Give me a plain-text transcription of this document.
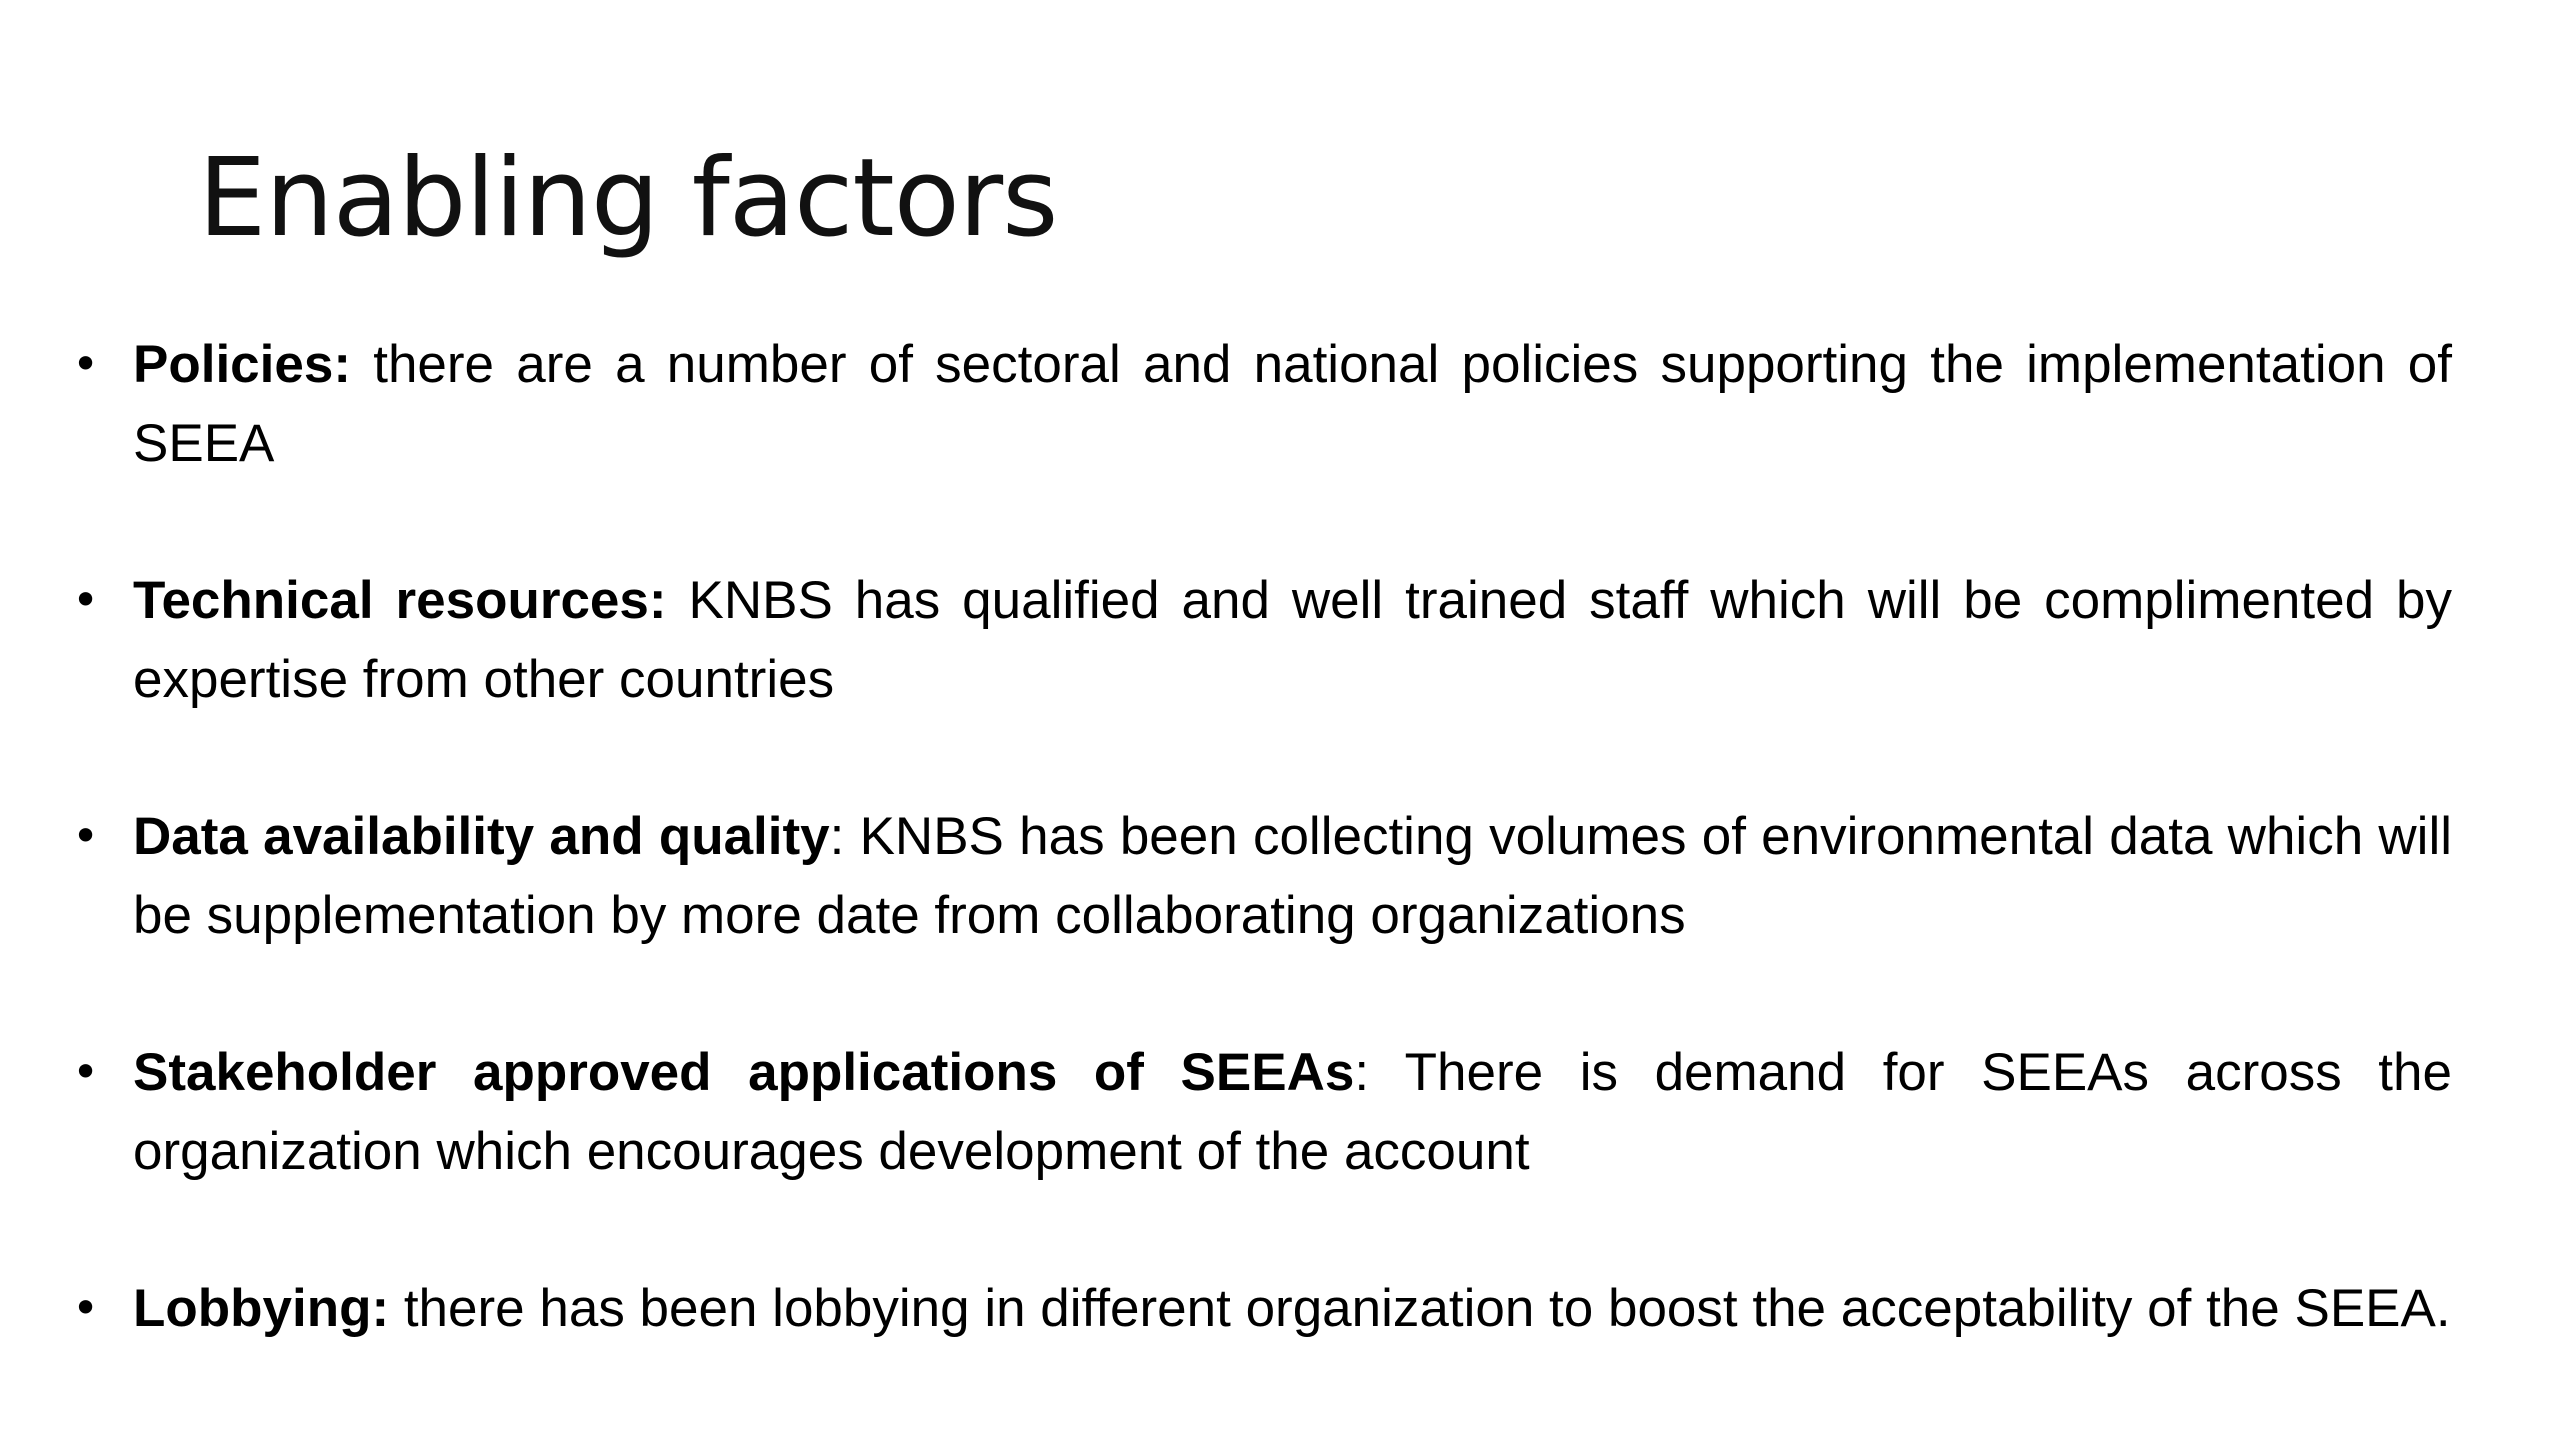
Enabling factors
• Policies: there are a number of sectoral and national policies supporting the implementation of SEEA
• Technical resources: KNBS has qualified and well trained staff which will be complimented by expertise from other countries
• Data availability and quality: KNBS has been collecting volumes of environmental data which will be supplementation by more date from collaborating organizations
• Stakeholder approved applications of SEEAs: There is demand for SEEAs across the organization which encourages development of the account
• Lobbying: there has been lobbying in different organization to boost the acceptability of the SEEA.
